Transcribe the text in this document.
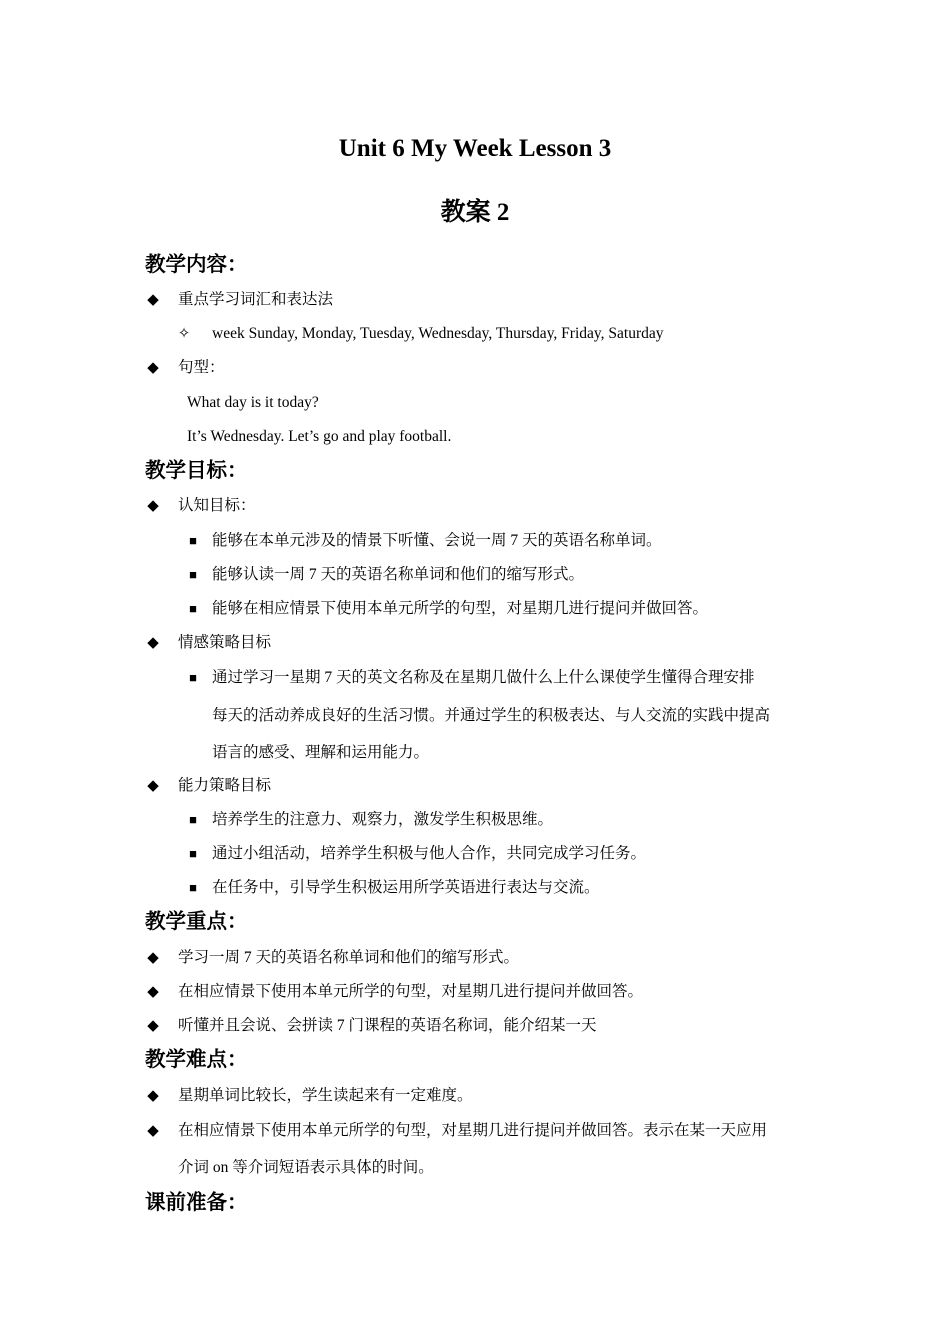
Unit 6 My Week Lesson 3
教案 2
教学内容：
◆ 重点学习词汇和表达法
✧ week Sunday, Monday, Tuesday, Wednesday, Thursday, Friday, Saturday
◆ 句型：
What day is it today?
It’s Wednesday. Let’s go and play football.
教学目标：
◆ 认知目标：
■ 能够在本单元涉及的情景下听懂、会说一周 7 天的英语名称单词。
■ 能够认读一周 7 天的英语名称单词和他们的缩写形式。
■ 能够在相应情景下使用本单元所学的句型，对星期几进行提问并做回答。
◆ 情感策略目标
■ 通过学习一星期 7 天的英文名称及在星期几做什么上什么课使学生懂得合理安排
每天的活动养成良好的生活习惯。并通过学生的积极表达、与人交流的实践中提高
语言的感受、理解和运用能力。
◆ 能力策略目标
■ 培养学生的注意力、观察力，激发学生积极思维。
■ 通过小组活动，培养学生积极与他人合作，共同完成学习任务。
■ 在任务中，引导学生积极运用所学英语进行表达与交流。
教学重点：
◆ 学习一周 7 天的英语名称单词和他们的缩写形式。
◆ 在相应情景下使用本单元所学的句型，对星期几进行提问并做回答。
◆ 听懂并且会说、会拼读 7 门课程的英语名称词，能介绍某一天
教学难点：
◆ 星期单词比较长，学生读起来有一定难度。
◆ 在相应情景下使用本单元所学的句型，对星期几进行提问并做回答。表示在某一天应用
介词 on 等介词短语表示具体的时间。
课前准备：
